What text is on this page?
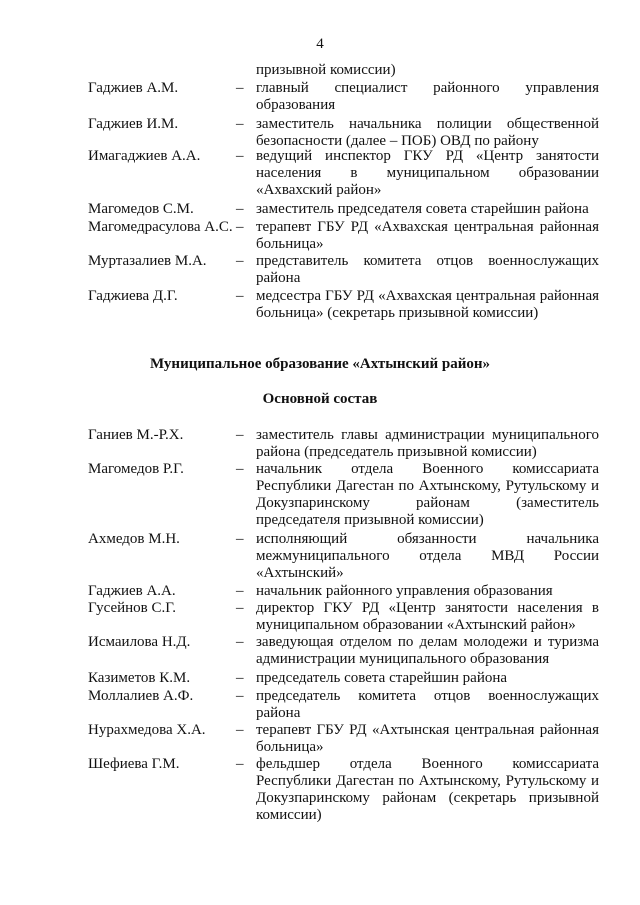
4
призывной комиссии)
Гаджиев А.М.	– главный специалист районного управления образования
Гаджиев И.М.	– заместитель начальника полиции общественной безопасности (далее – ПОБ) ОВД по району
Имагаджиев А.А. – ведущий инспектор ГКУ РД «Центр занятости населения в муниципальном образовании «Ахвахский район»
Магомедов С.М.	– заместитель председателя совета старейшин района
Магомедрасулова А.С. – терапевт ГБУ РД «Ахвахская центральная районная больница»
Муртазалиев М.А. – представитель комитета отцов военнослужащих района
Гаджиева Д.Г.	– медсестра ГБУ РД «Ахвахская центральная районная больница» (секретарь призывной комиссии)
Муниципальное образование «Ахтынский район»
Основной состав
Ганиев М.-Р.Х.	– заместитель главы администрации муниципального района (председатель призывной комиссии)
Магомедов Р.Г.	– начальник отдела Военного комиссариата Республики Дагестан по Ахтынскому, Рутульскому и Докузпаринскому районам (заместитель председателя призывной комиссии)
Ахмедов М.Н.	– исполняющий обязанности начальника межмуниципального отдела МВД России «Ахтынский»
Гаджиев А.А.	– начальник районного управления образования
Гусейнов С.Г.	– директор ГКУ РД «Центр занятости населения в муниципальном образовании «Ахтынский район»
Исмаилова Н.Д.	– заведующая отделом по делам молодежи и туризма администрации муниципального образования
Казиметов К.М.	– председатель совета старейшин района
Моллалиев А.Ф.	– председатель комитета отцов военнослужащих района
Нурахмедова Х.А. – терапевт ГБУ РД «Ахтынская центральная районная больница»
Шефиева Г.М.	– фельдшер отдела Военного комиссариата Республики Дагестан по Ахтынскому, Рутульскому и Докузпаринскому районам (секретарь призывной комиссии)
